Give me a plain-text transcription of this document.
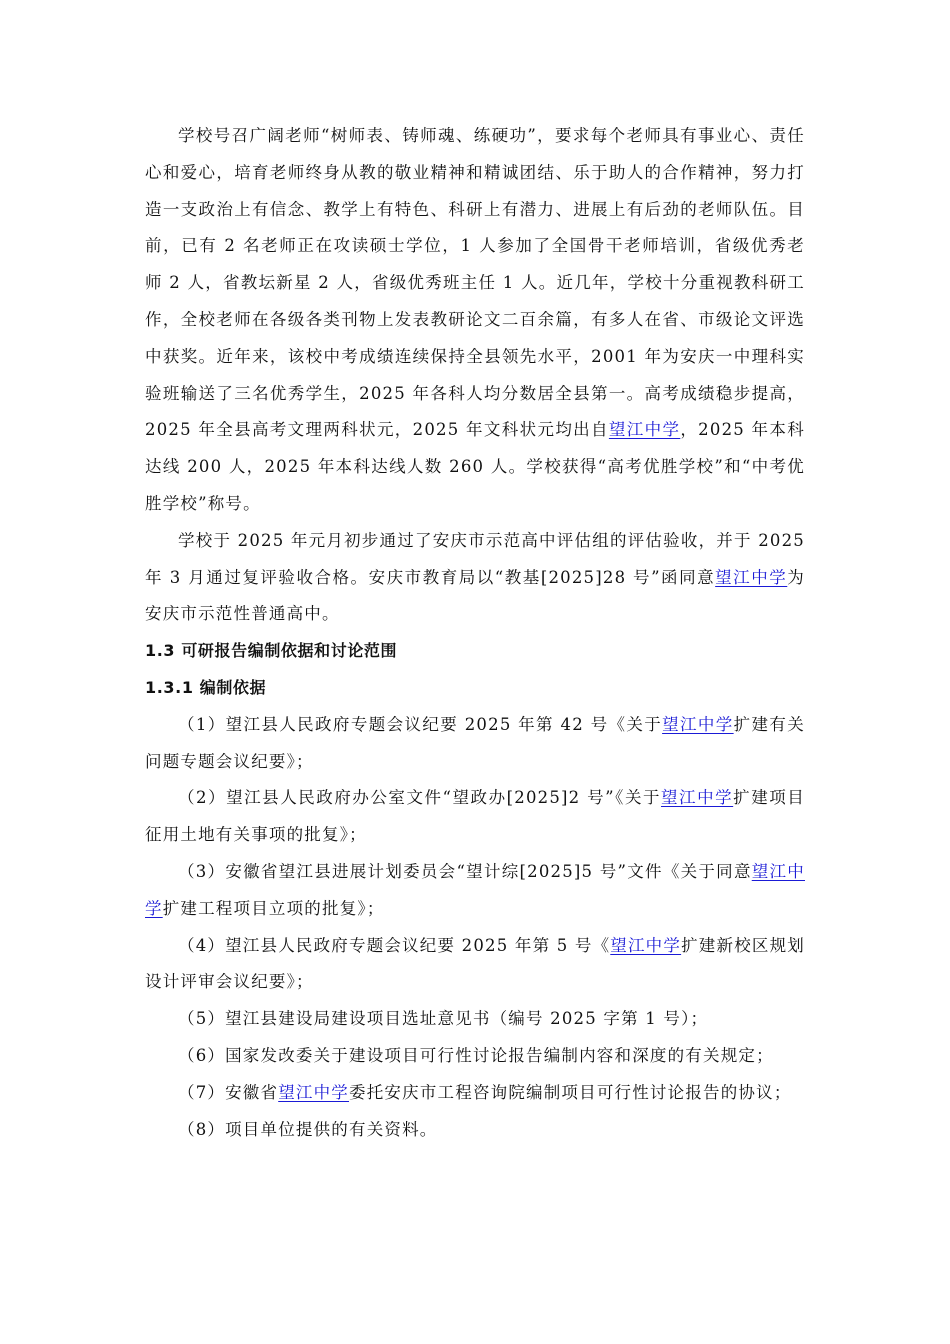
学校号召广阔老师“树师表、铸师魂、练硬功”，要求每个老师具有事业心、责任心和爱心，培育老师终身从教的敬业精神和精诚团结、乐于助人的合作精神，努力打造一支政治上有信念、教学上有特色、科研上有潜力、进展上有后劲的老师队伍。目前，已有 2 名老师正在攻读硕士学位，1 人参加了全国骨干老师培训，省级优秀老师 2 人，省教坛新星 2 人，省级优秀班主任 1 人。近几年，学校十分重视教科研工作，全校老师在各级各类刊物上发表教研论文二百余篇，有多人在省、市级论文评选中获奖。近年来，该校中考成绩连续保持全县领先水平，2001 年为安庆一中理科实验班输送了三名优秀学生，2025 年各科人均分数居全县第一。高考成绩稳步提高，2025 年全县高考文理两科状元，2025 年文科状元均出自望江中学，2025 年本科达线 200 人，2025 年本科达线人数 260 人。学校获得“高考优胜学校”和“中考优胜学校”称号。

学校于 2025 年元月初步通过了安庆市示范高中评估组的评估验收，并于 2025 年 3 月通过复评验收合格。安庆市教育局以“教基[2025]28 号”函同意望江中学为安庆市示范性普通高中。

1.3 可研报告编制依据和讨论范围

1.3.1 编制依据

（1）望江县人民政府专题会议纪要 2025 年第 42 号《关于望江中学扩建有关问题专题会议纪要》；

（2）望江县人民政府办公室文件“望政办[2025]2 号”《关于望江中学扩建项目征用土地有关事项的批复》；

（3）安徽省望江县进展计划委员会“望计综[2025]5 号”文件《关于同意望江中学扩建工程项目立项的批复》；

（4）望江县人民政府专题会议纪要 2025 年第 5 号《望江中学扩建新校区规划设计评审会议纪要》；

（5）望江县建设局建设项目选址意见书（编号 2025 字第 1 号）；

（6）国家发改委关于建设项目可行性讨论报告编制内容和深度的有关规定；

（7）安徽省望江中学委托安庆市工程咨询院编制项目可行性讨论报告的协议；

（8）项目单位提供的有关资料。
